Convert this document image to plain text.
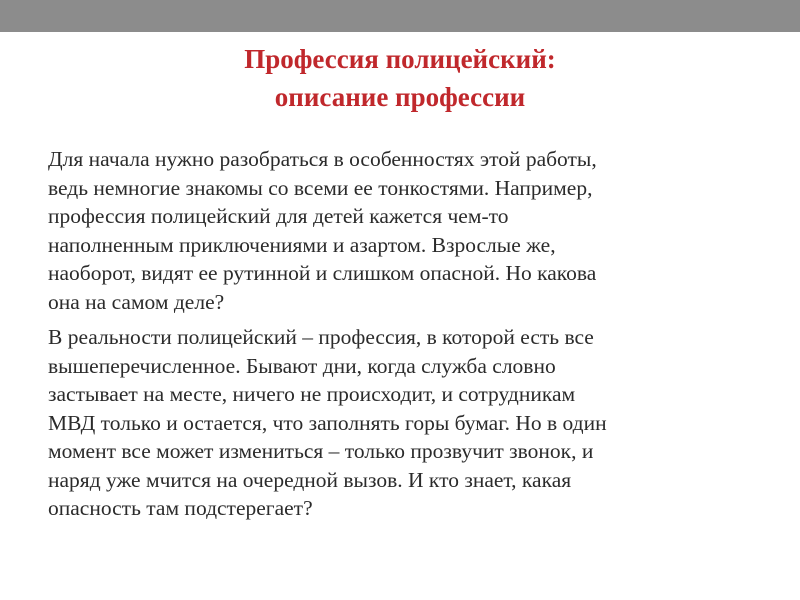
Профессия полицейский:
описание профессии
Для начала нужно разобраться в особенностях этой работы,
ведь немногие знакомы со всеми ее тонкостями. Например,
профессия полицейский для детей кажется чем-то
наполненным приключениями и азартом. Взрослые же,
наоборот, видят ее рутинной и слишком опасной. Но какова
она на самом деле?
В реальности полицейский – профессия, в которой есть все
вышеперечисленное. Бывают дни, когда служба словно
застывает на месте, ничего не происходит, и сотрудникам
МВД только и остается, что заполнять горы бумаг. Но в один
момент все может измениться – только прозвучит звонок, и
наряд уже мчится на очередной вызов. И кто знает, какая
опасность там подстерегает?
